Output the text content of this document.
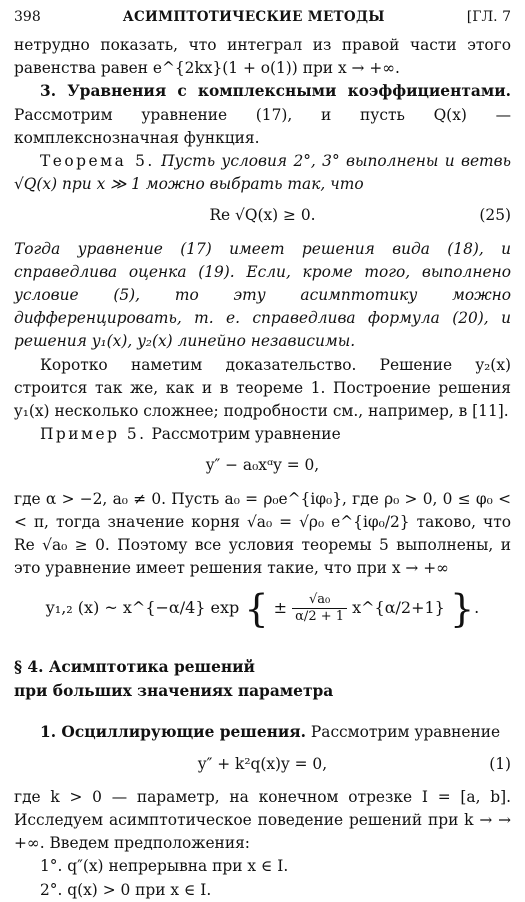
398	АСИМПТОТИЧЕСКИЕ МЕТОДЫ	[ГЛ. 7

нетрудно показать, что интеграл из правой части этого равенства равен e^{2kx}(1 + o(1)) при x → +∞.

3. Уравнения с комплексными коэффициентами. Рассмотрим уравнение (17), и пусть Q(x) — комплекснозначная функция.

Теорема 5. Пусть условия 2°, 3° выполнены и ветвь √Q(x) при x ≫ 1 можно выбрать так, что

Re √Q(x) ≥ 0.	(25)

Тогда уравнение (17) имеет решения вида (18), и справедлива оценка (19). Если, кроме того, выполнено условие (5), то эту асимптотику можно дифференцировать, т. е. справедлива формула (20), и решения y₁(x), y₂(x) линейно независимы.

Коротко наметим доказательство. Решение y₂(x) строится так же, как и в теореме 1. Построение решения y₁(x) несколько сложнее; подробности см., например, в [11].

Пример 5. Рассмотрим уравнение

y″ − a₀xᵅy = 0,

где α > −2, a₀ ≠ 0. Пусть a₀ = ρ₀e^{iφ₀}, где ρ₀ > 0, 0 ≤ φ₀ < < π, тогда значение корня √a₀ = √ρ₀ e^{iφ₀/2} таково, что Re √a₀ ≥ 0. Поэтому все условия теоремы 5 выполнены, и это уравнение имеет решения такие, что при x → +∞

y₁,₂ (x) ~ x^{−α/4} exp { ± $\frac{\text{√a₀}}{\alpha/2 + 1}$ x^{α/2+1} }.
§ 4. Асимптотика решений
при больших значениях параметра

1. Осциллирующие решения. Рассмотрим уравнение

y″ + k²q(x)y = 0,	(1)

где k > 0 — параметр, на конечном отрезке I = [a, b]. Исследуем асимптотическое поведение решений при k → → +∞. Введем предположения:

1°. q″(x) непрерывна при x ∈ I.
2°. q(x) > 0 при x ∈ I.
